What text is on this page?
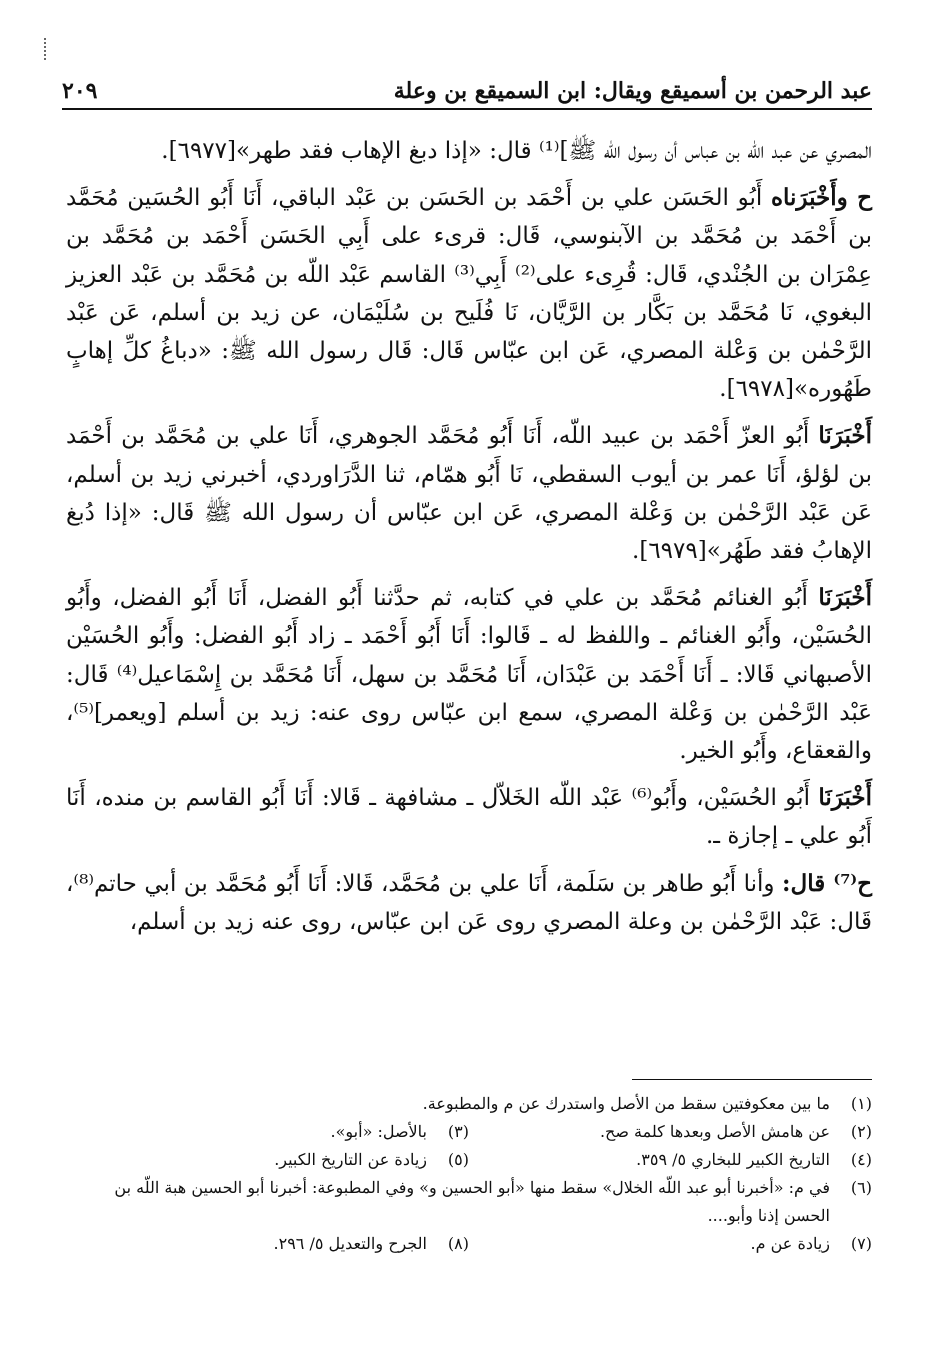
عبد الرحمن بن أسميقع ويقال: ابن السميقع بن وعلة
٢٠٩

المصري عن عبد اللّه بن عباس أن رسول اللّه ﷺ]⁽¹⁾ قال: «إذا دبغ الإهاب فقد طهر»[٦٩٧٧].

ح وأَخْبَرَناه أَبُو الحَسَن علي بن أَحْمَد بن الحَسَن بن عَبْد الباقي، أَنَا أَبُو الحُسَين مُحَمَّد بن أَحْمَد بن مُحَمَّد بن الآبنوسي، قَال: قرىء على أَبِي الحَسَن أَحْمَد بن مُحَمَّد بن عِمْرَان بن الجُنْدي، قَال: قُرِىء على⁽²⁾ أَبِي⁽³⁾ القاسم عَبْد اللّه بن مُحَمَّد بن عَبْد العزيز البغوي، نَا مُحَمَّد بن بَكَّار بن الرَّيَّان، نَا فُلَيح بن سُلَيْمَان، عن زيد بن أسلم، عَن عَبْد الرَّحْمٰن بن وَعْلة المصري، عَن ابن عبّاس قَال: قَال رسول الله ﷺ: «دباغُ كلِّ إهابٍ طَهُوره»[٦٩٧٨].

أَخْبَرَنَا أَبُو العزّ أَحْمَد بن عبيد اللّه، أَنَا أَبُو مُحَمَّد الجوهري، أَنَا علي بن مُحَمَّد بن أَحْمَد بن لؤلؤ، أَنَا عمر بن أيوب السقطي، نَا أَبُو همّام، ثنا الدَّرَاوردي، أخبرني زيد بن أسلم، عَن عَبْد الرَّحْمٰن بن وَعْلة المصري، عَن ابن عبّاس أن رسول الله ﷺ قَال: «إذا دُبغ الإهابُ فقد طَهُر»[٦٩٧٩].

أَخْبَرَنَا أَبُو الغنائم مُحَمَّد بن علي في كتابه، ثم حدَّثنا أَبُو الفضل، أَنَا أَبُو الفضل، وأَبُو الحُسَيْن، وأَبُو الغنائم ـ واللفظ له ـ قَالوا: أَنَا أَبُو أَحْمَد ـ زاد أَبُو الفضل: وأَبُو الحُسَيْن الأصبهاني قَالا: ـ أَنَا أَحْمَد بن عَبْدَان، أَنَا مُحَمَّد بن سهل، أَنَا مُحَمَّد بن إِسْمَاعيل⁽⁴⁾ قَال: عَبْد الرَّحْمٰن بن وَعْلة المصري، سمع ابن عبّاس روى عنه: زيد بن أسلم [ويعمر]⁽⁵⁾، والقعقاع، وأَبُو الخير.

أَخْبَرَنَا أَبُو الحُسَيْن، وأَبُو⁽⁶⁾ عَبْد اللّه الخَلاّل ـ مشافهة ـ قَالا: أَنَا أَبُو القاسم بن منده، أَنَا أَبُو علي ـ إجازة ـ.

ح⁽⁷⁾ قال: وأنا أَبُو طاهر بن سَلَمة، أَنَا علي بن مُحَمَّد، قَالا: أَنَا أَبُو مُحَمَّد بن أبي حاتم⁽⁸⁾، قَال: عَبْد الرَّحْمٰن بن وعلة المصري روى عَن ابن عبّاس، روى عنه زيد بن أسلم،

(١)
ما بين معكوفتين سقط من الأصل واستدرك عن م والمطبوعة.
(٢)
عن هامش الأصل وبعدها كلمة صح.
(٣)
بالأصل: «أبو».
(٤)
التاريخ الكبير للبخاري ٥/ ٣٥٩.
(٥)
زيادة عن التاريخ الكبير.
(٦)
في م: «أخبرنا أبو عبد اللّه الخلال» سقط منها «أبو الحسين و» وفي المطبوعة: أخبرنا أبو الحسين هبة اللّه بن الحسن إذنا وأبو....
(٧)
زيادة عن م.
(٨)
الجرح والتعديل ٥/ ٢٩٦.
